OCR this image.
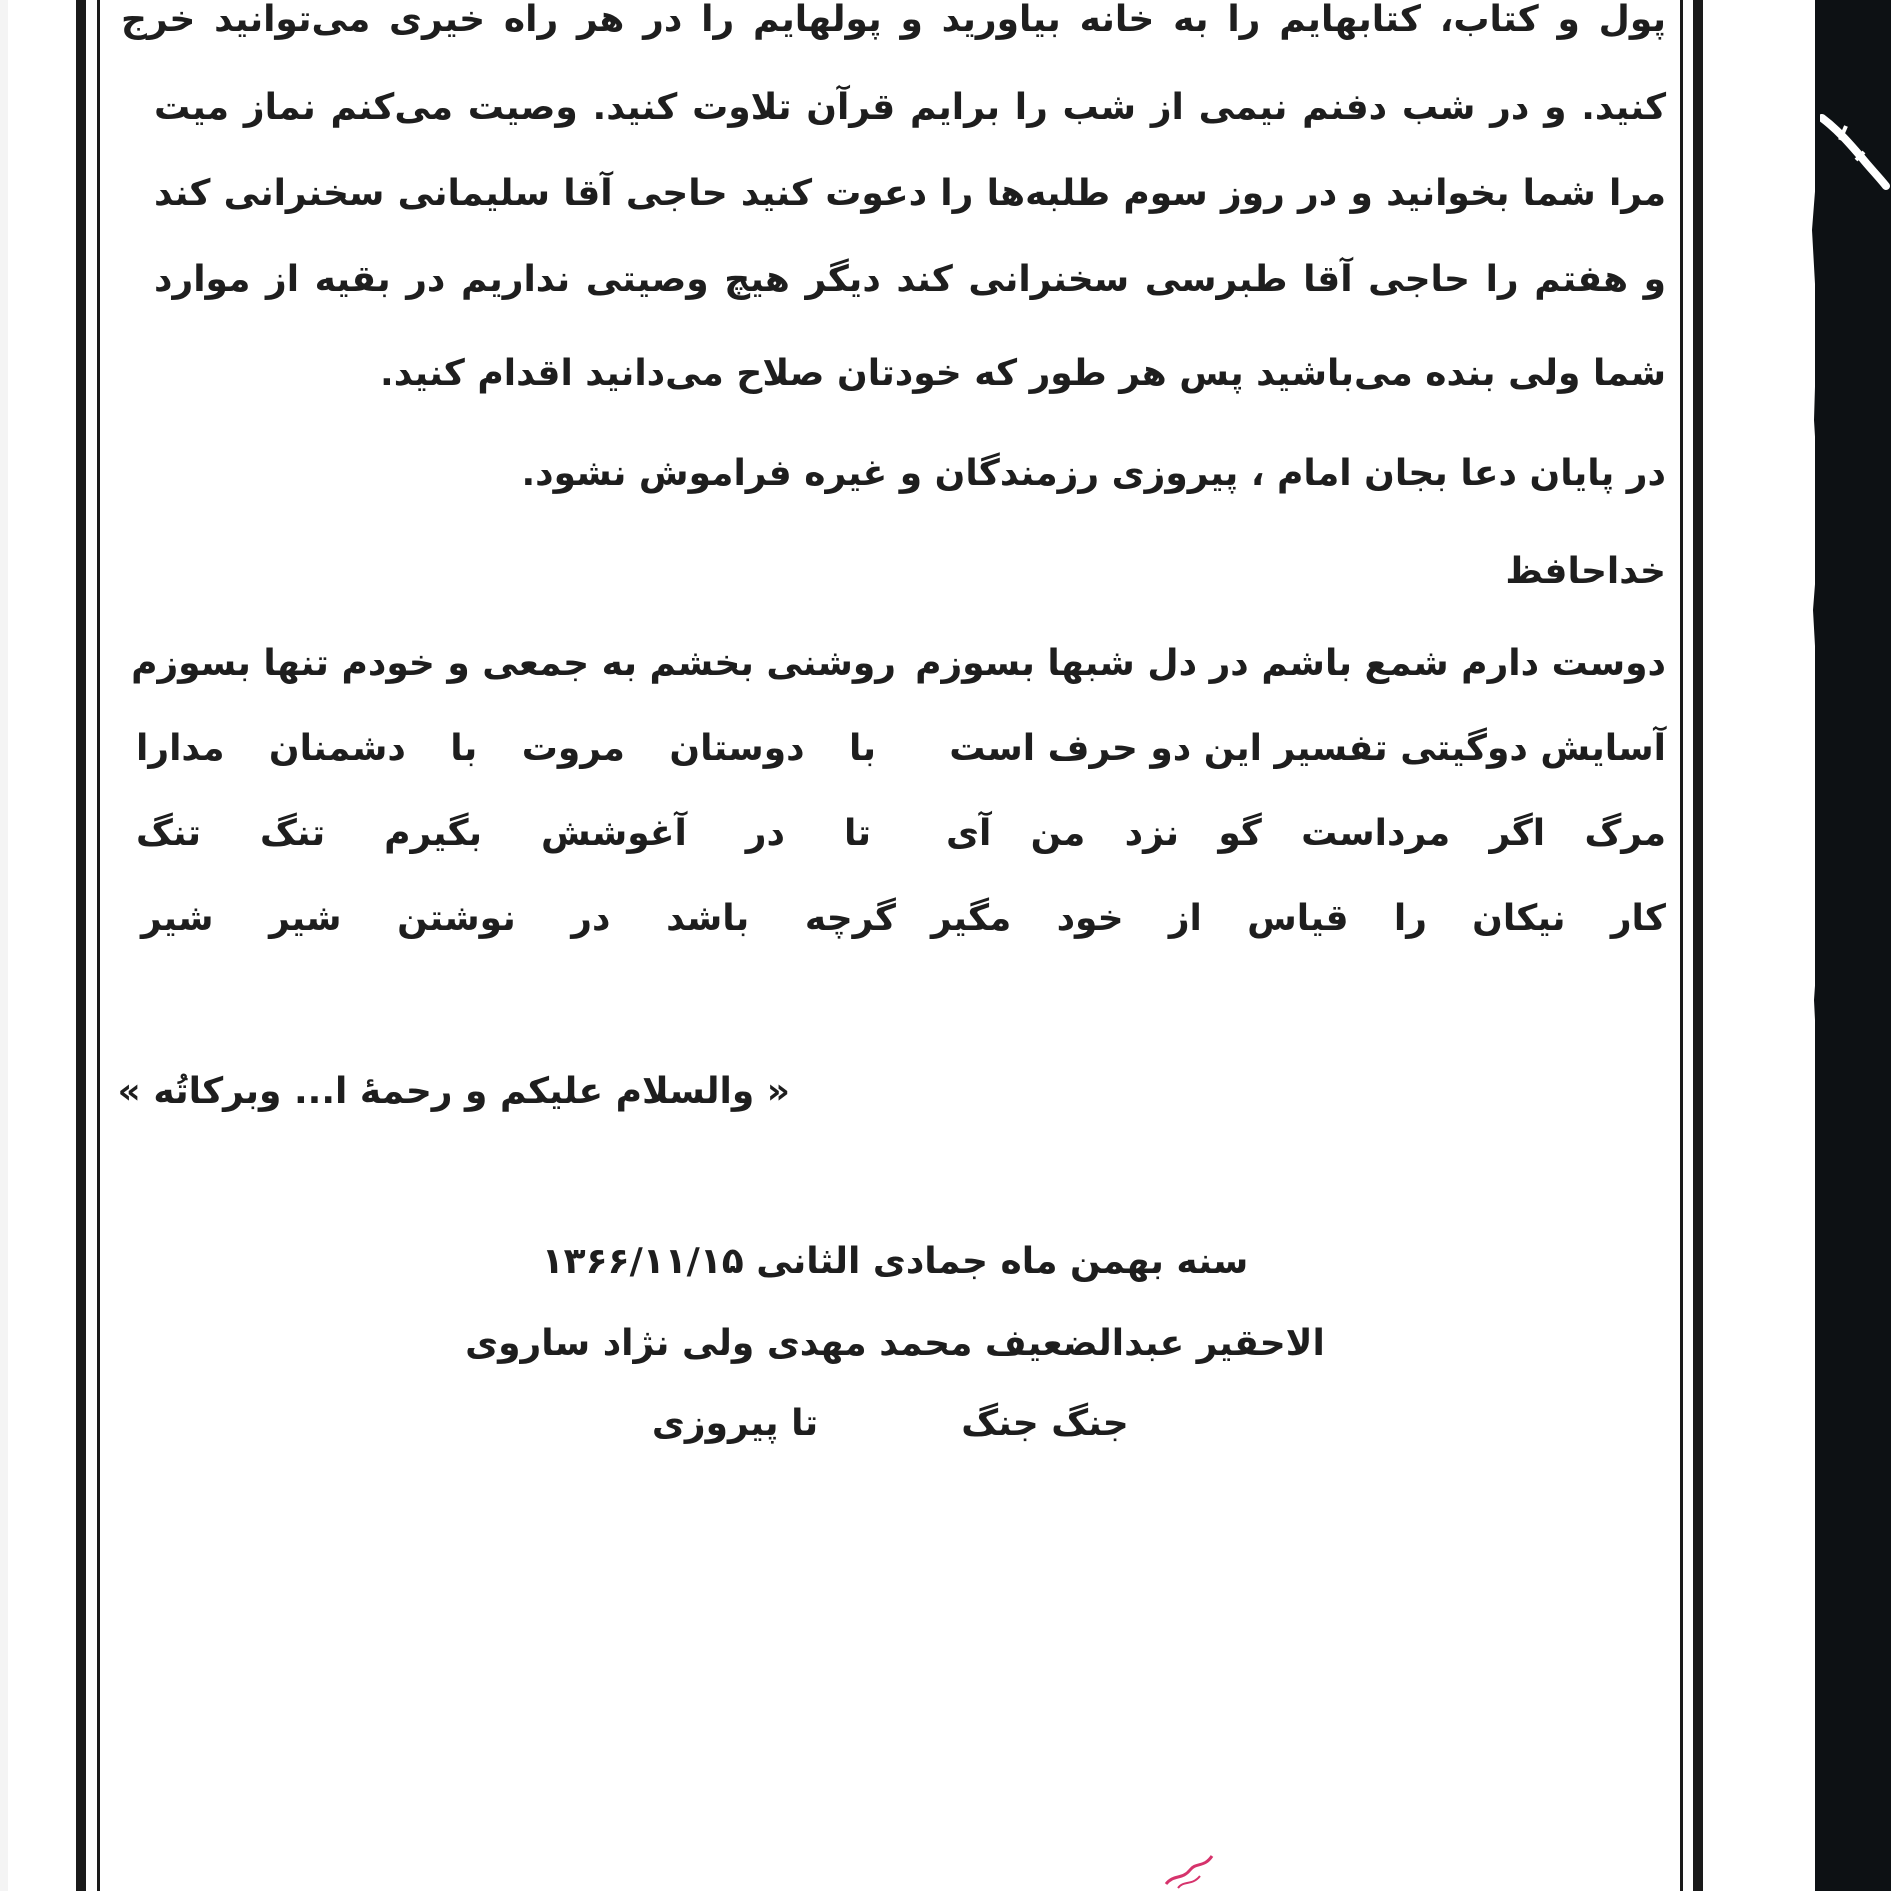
پول و کتاب، کتابهایم را به خانه بیاورید و پولهایم را در هر راه خیری می‌توانید خرج
کنید. و در شب دفنم نیمی از شب را برایم قرآن تلاوت کنید. وصیت می‌کنم نماز میت
مرا شما بخوانید و در روز سوم طلبه‌ها را دعوت کنید حاجی آقا سلیمانی سخنرانی کند
و هفتم را حاجی آقا طبرسی سخنرانی کند دیگر هیچ وصیتی نداریم در بقیه از موارد
شما ولی بنده می‌باشید پس هر طور که خودتان صلاح می‌دانید اقدام کنید.
در پایان دعا بجان امام ، پیروزی رزمندگان و غیره فراموش نشود.
خداحافظ
دوست دارم شمع باشم در دل شبها بسوزم
روشنی بخشم به جمعی و خودم تنها بسوزم
آسایش دوگیتی تفسیر این دو حرف است
با دوستان مروت با دشمنان مدارا
مرگ اگر مرداست گو نزد من آی
تا در آغوشش بگیرم تنگ تنگ
کار نیکان را قیاس از خود مگیر
گرچه باشد در نوشتن شیر شیر
« والسلام علیکم و رحمهٔ ا... وبرکاتُه »
سنه بهمن ماه جمادی الثانی ۱۳۶۶/۱۱/۱۵
الاحقیر عبدالضعیف محمد مهدی ولی نژاد ساروی
جنگ جنگ
تا پیروزی
